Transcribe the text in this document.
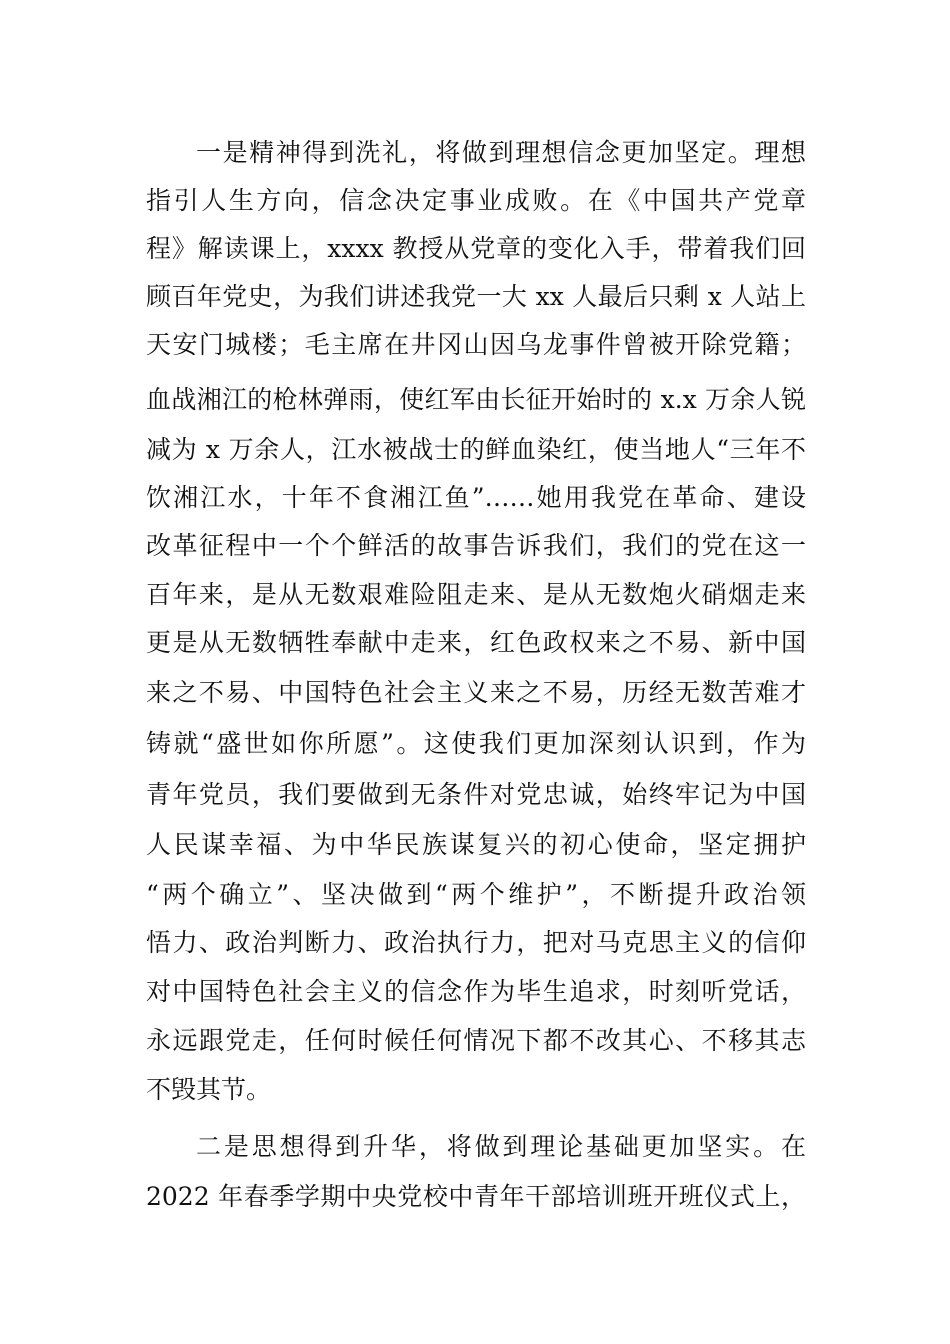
一是精神得到洗礼，将做到理想信念更加坚定。理想
指引人生方向，信念决定事业成败。在《中国共产党章
程》解读课上，xxxx 教授从党章的变化入手，带着我们回
顾百年党史，为我们讲述我党一大 xx 人最后只剩 x 人站上
天安门城楼；毛主席在井冈山因乌龙事件曾被开除党籍；
血战湘江的枪林弹雨，使红军由长征开始时的 x.x 万余人锐
减为 x 万余人，江水被战士的鲜血染红，使当地人“三年不
饮湘江水，十年不食湘江鱼”……她用我党在革命、建设
改革征程中一个个鲜活的故事告诉我们，我们的党在这一
百年来，是从无数艰难险阻走来、是从无数炮火硝烟走来
更是从无数牺牲奉献中走来，红色政权来之不易、新中国
来之不易、中国特色社会主义来之不易，历经无数苦难才
铸就“盛世如你所愿”。这使我们更加深刻认识到，作为
青年党员，我们要做到无条件对党忠诚，始终牢记为中国
人民谋幸福、为中华民族谋复兴的初心使命，坚定拥护
“两个确立”、坚决做到“两个维护”，不断提升政治领
悟力、政治判断力、政治执行力，把对马克思主义的信仰
对中国特色社会主义的信念作为毕生追求，时刻听党话，
永远跟党走，任何时候任何情况下都不改其心、不移其志
不毁其节。
二是思想得到升华，将做到理论基础更加坚实。在
2022 年春季学期中央党校中青年干部培训班开班仪式上，
